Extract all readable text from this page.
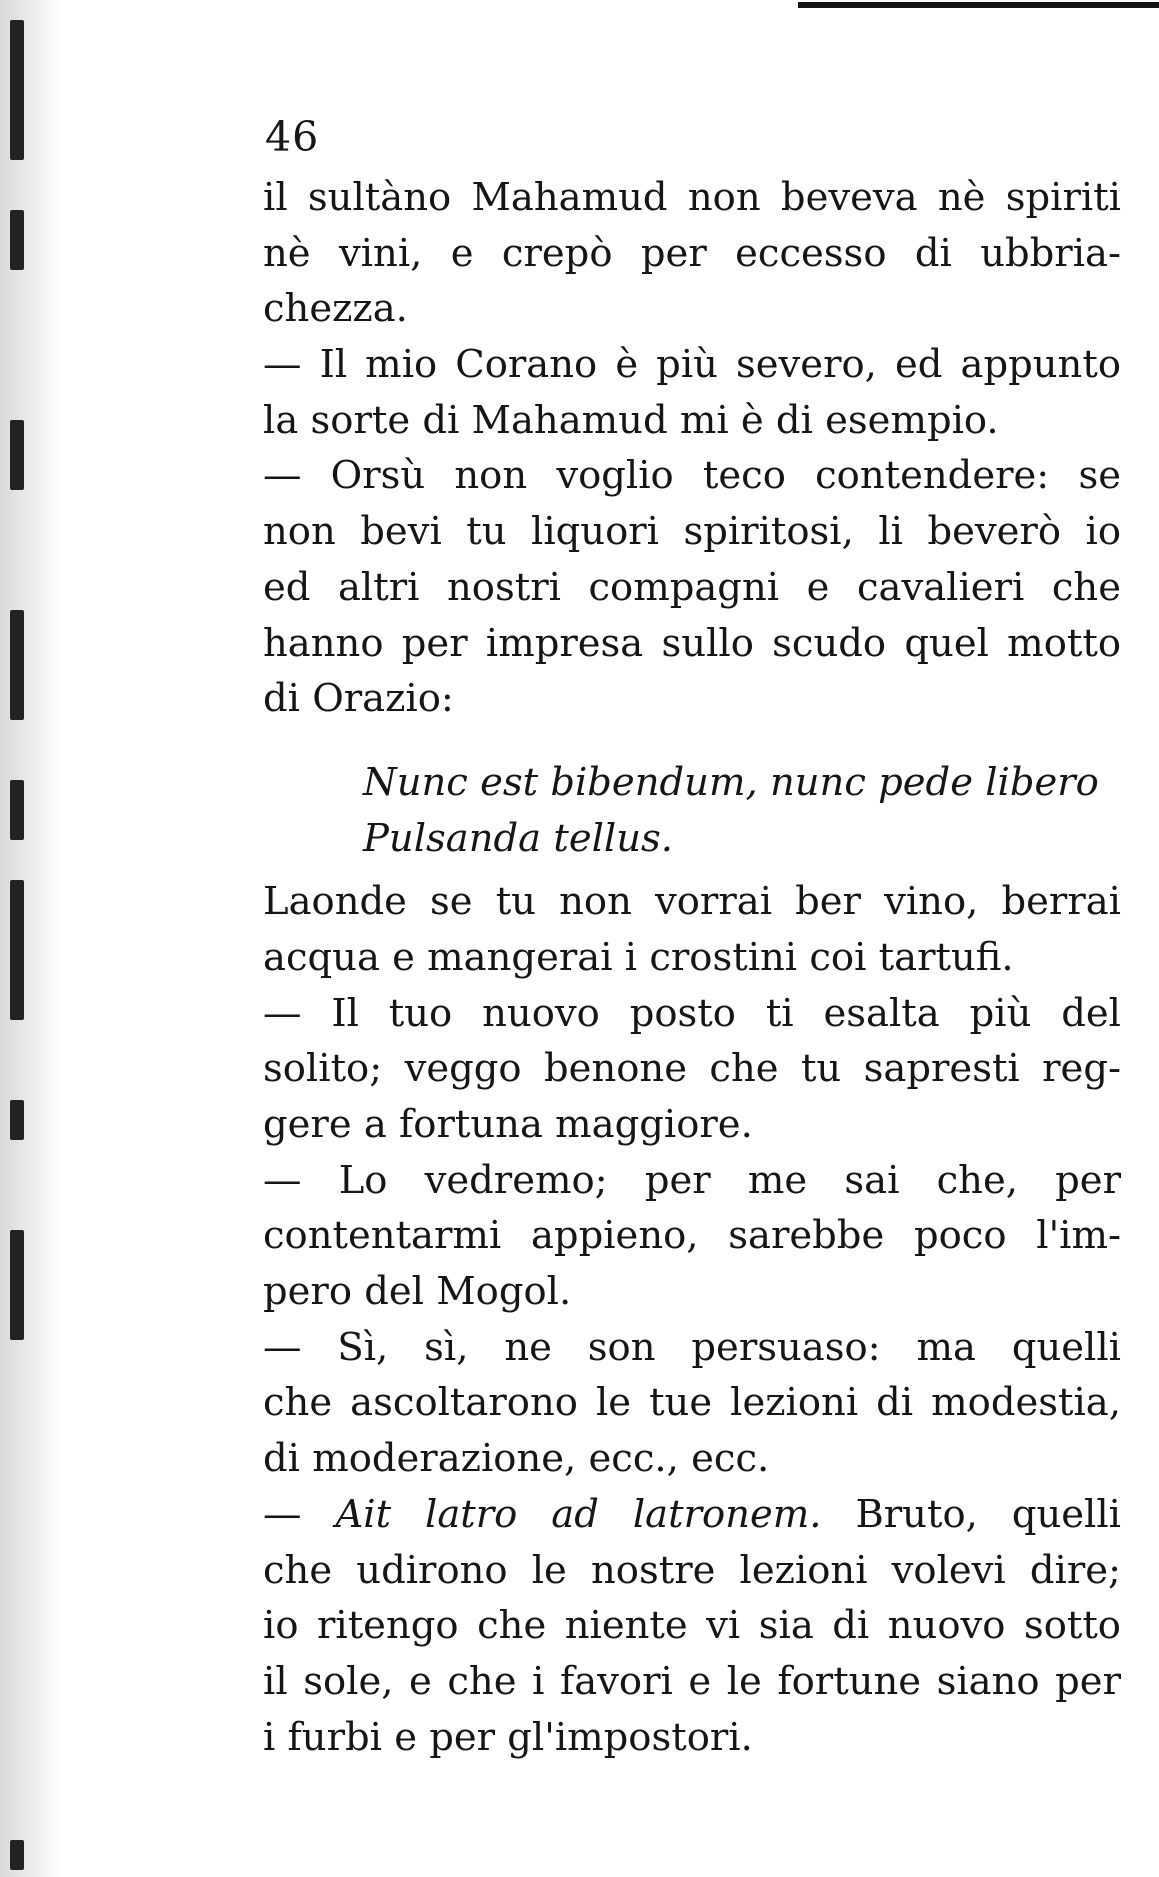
46
il sultàno Mahamud non beveva nè spiriti
nè vini, e crepò per eccesso di ubbria-
chezza.
— Il mio Corano è più severo, ed appunto
la sorte di Mahamud mi è di esempio.
— Orsù non voglio teco contendere: se
non bevi tu liquori spiritosi, li beverò io
ed altri nostri compagni e cavalieri che
hanno per impresa sullo scudo quel motto
di Orazio:
Nunc est bibendum, nunc pede libero
Pulsanda tellus.
Laonde se tu non vorrai ber vino, berrai
acqua e mangerai i crostini coi tartufi.
— Il tuo nuovo posto ti esalta più del
solito; veggo benone che tu sapresti reg-
gere a fortuna maggiore.
— Lo vedremo; per me sai che, per
contentarmi appieno, sarebbe poco l'im-
pero del Mogol.
— Sì, sì, ne son persuaso: ma quelli
che ascoltarono le tue lezioni di modestia,
di moderazione, ecc., ecc.
— Ait latro ad latronem. Bruto, quelli
che udirono le nostre lezioni volevi dire;
io ritengo che niente vi sia di nuovo sotto
il sole, e che i favori e le fortune siano per
i furbi e per gl'impostori.
